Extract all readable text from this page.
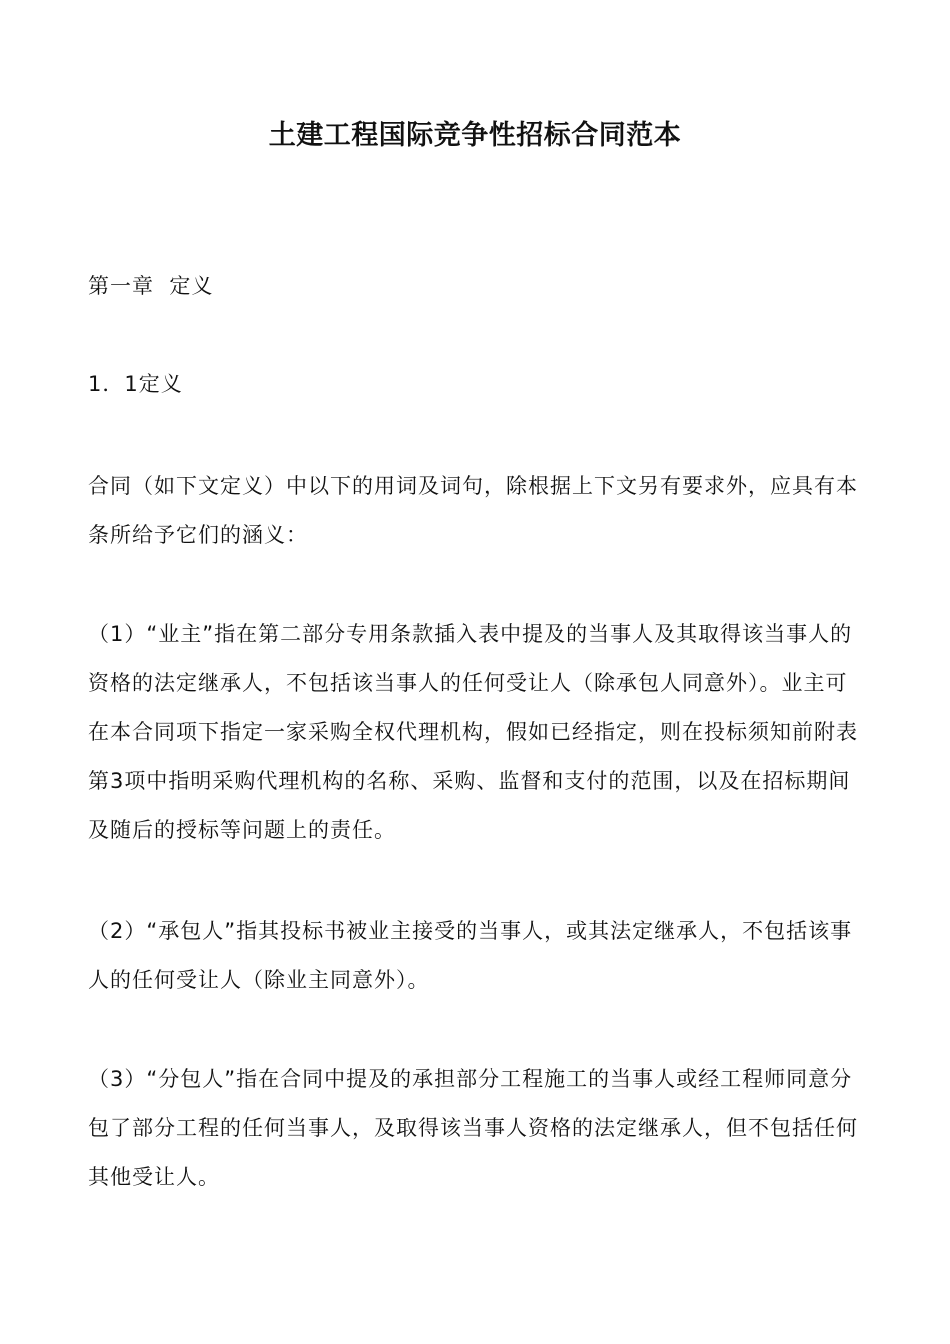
土建工程国际竞争性招标合同范本

第一章  定义

1．1定义

合同（如下文定义）中以下的用词及词句，除根据上下文另有要求外，应具有本条所给予它们的涵义：

（1）“业主”指在第二部分专用条款插入表中提及的当事人及其取得该当事人的资格的法定继承人，不包括该当事人的任何受让人（除承包人同意外）。业主可在本合同项下指定一家采购全权代理机构，假如已经指定，则在投标须知前附表第3项中指明采购代理机构的名称、采购、监督和支付的范围，以及在招标期间及随后的授标等问题上的责任。

（2）“承包人”指其投标书被业主接受的当事人，或其法定继承人，不包括该事人的任何受让人（除业主同意外）。

（3）“分包人”指在合同中提及的承担部分工程施工的当事人或经工程师同意分包了部分工程的任何当事人，及取得该当事人资格的法定继承人，但不包括任何其他受让人。
